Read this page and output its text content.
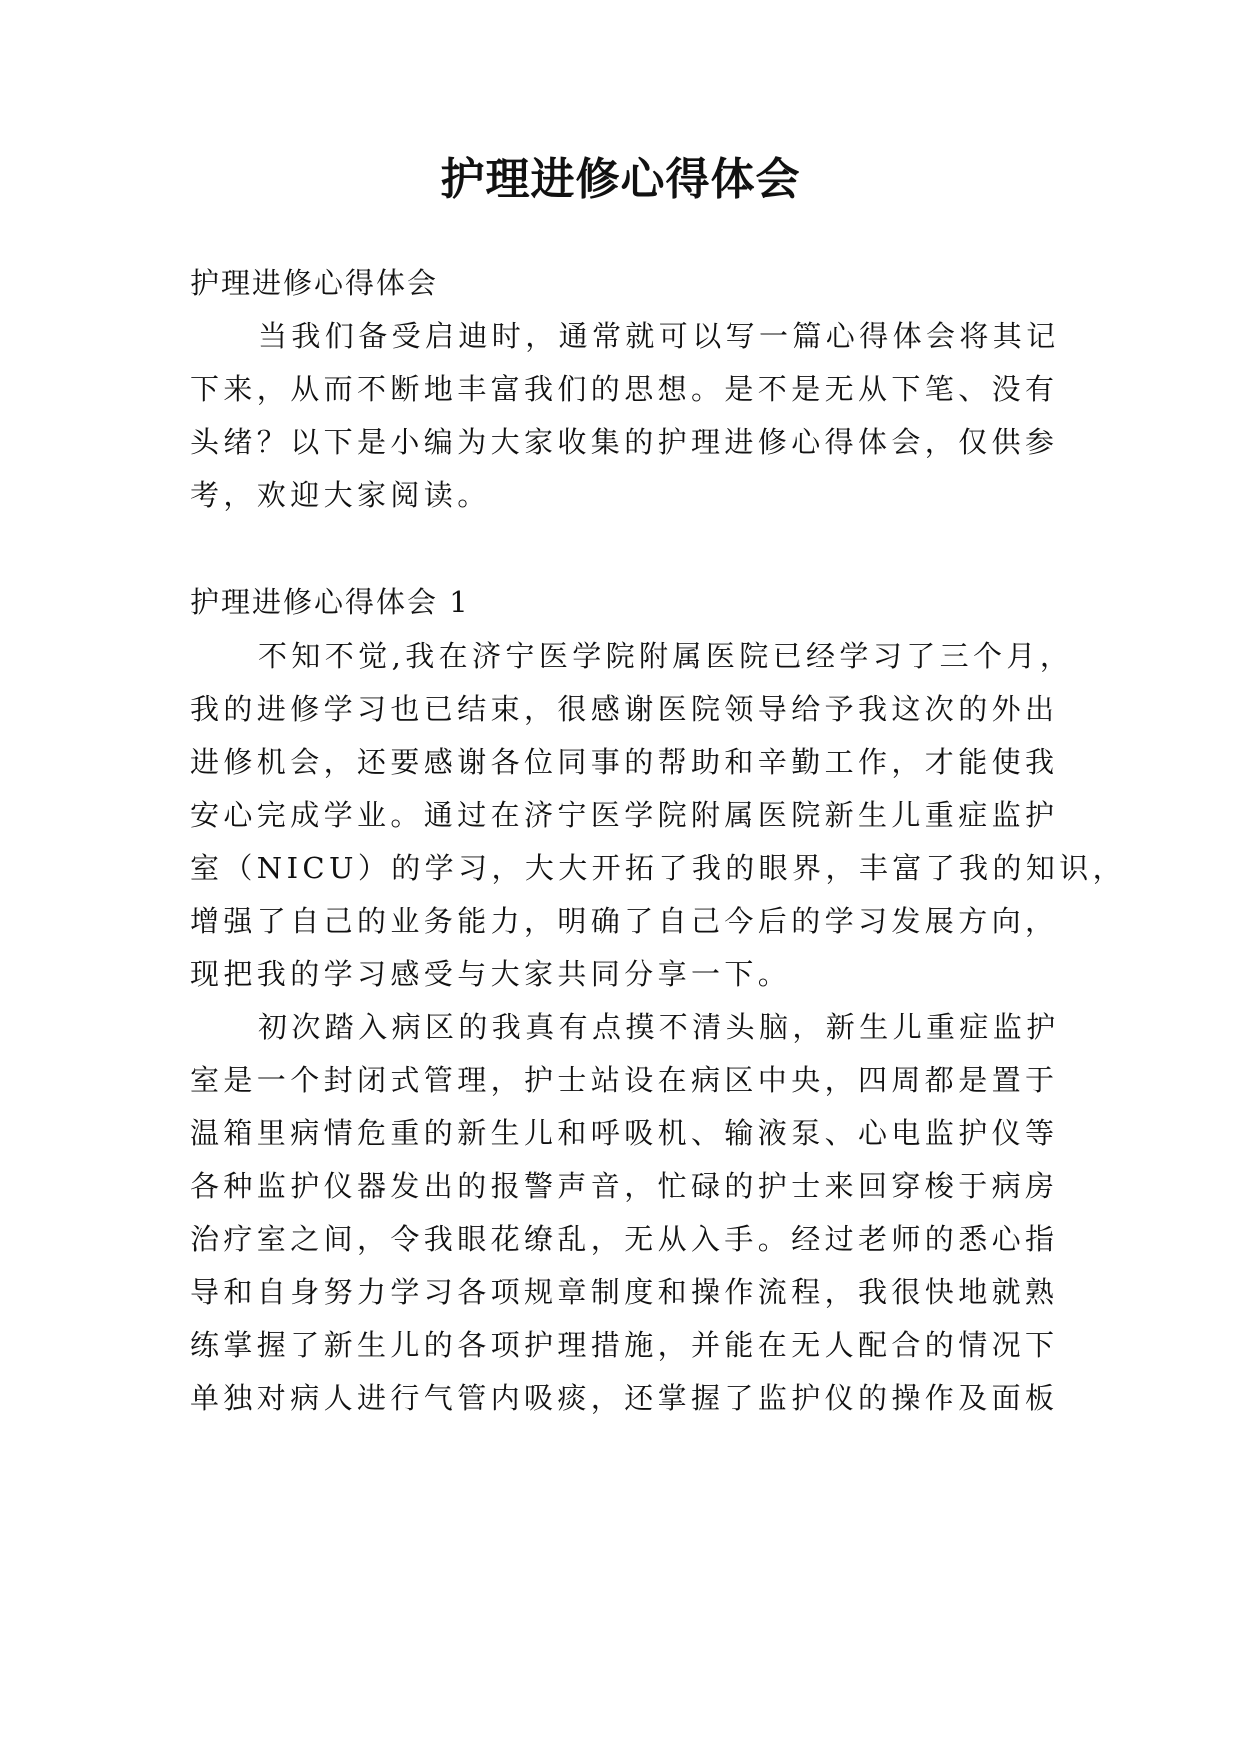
护理进修心得体会

护理进修心得体会

当我们备受启迪时，通常就可以写一篇心得体会将其记

下来，从而不断地丰富我们的思想。是不是无从下笔、没有

头绪？以下是小编为大家收集的护理进修心得体会，仅供参

考，欢迎大家阅读。

护理进修心得体会 1

不知不觉,我在济宁医学院附属医院已经学习了三个月，

我的进修学习也已结束，很感谢医院领导给予我这次的外出

进修机会，还要感谢各位同事的帮助和辛勤工作，才能使我

安心完成学业。通过在济宁医学院附属医院新生儿重症监护

室（NICU）的学习，大大开拓了我的眼界，丰富了我的知识，

增强了自己的业务能力，明确了自己今后的学习发展方向，

现把我的学习感受与大家共同分享一下。

初次踏入病区的我真有点摸不清头脑，新生儿重症监护

室是一个封闭式管理，护士站设在病区中央，四周都是置于

温箱里病情危重的新生儿和呼吸机、输液泵、心电监护仪等

各种监护仪器发出的报警声音，忙碌的护士来回穿梭于病房

治疗室之间，令我眼花缭乱，无从入手。经过老师的悉心指

导和自身努力学习各项规章制度和操作流程，我很快地就熟

练掌握了新生儿的各项护理措施，并能在无人配合的情况下

单独对病人进行气管内吸痰，还掌握了监护仪的操作及面板
